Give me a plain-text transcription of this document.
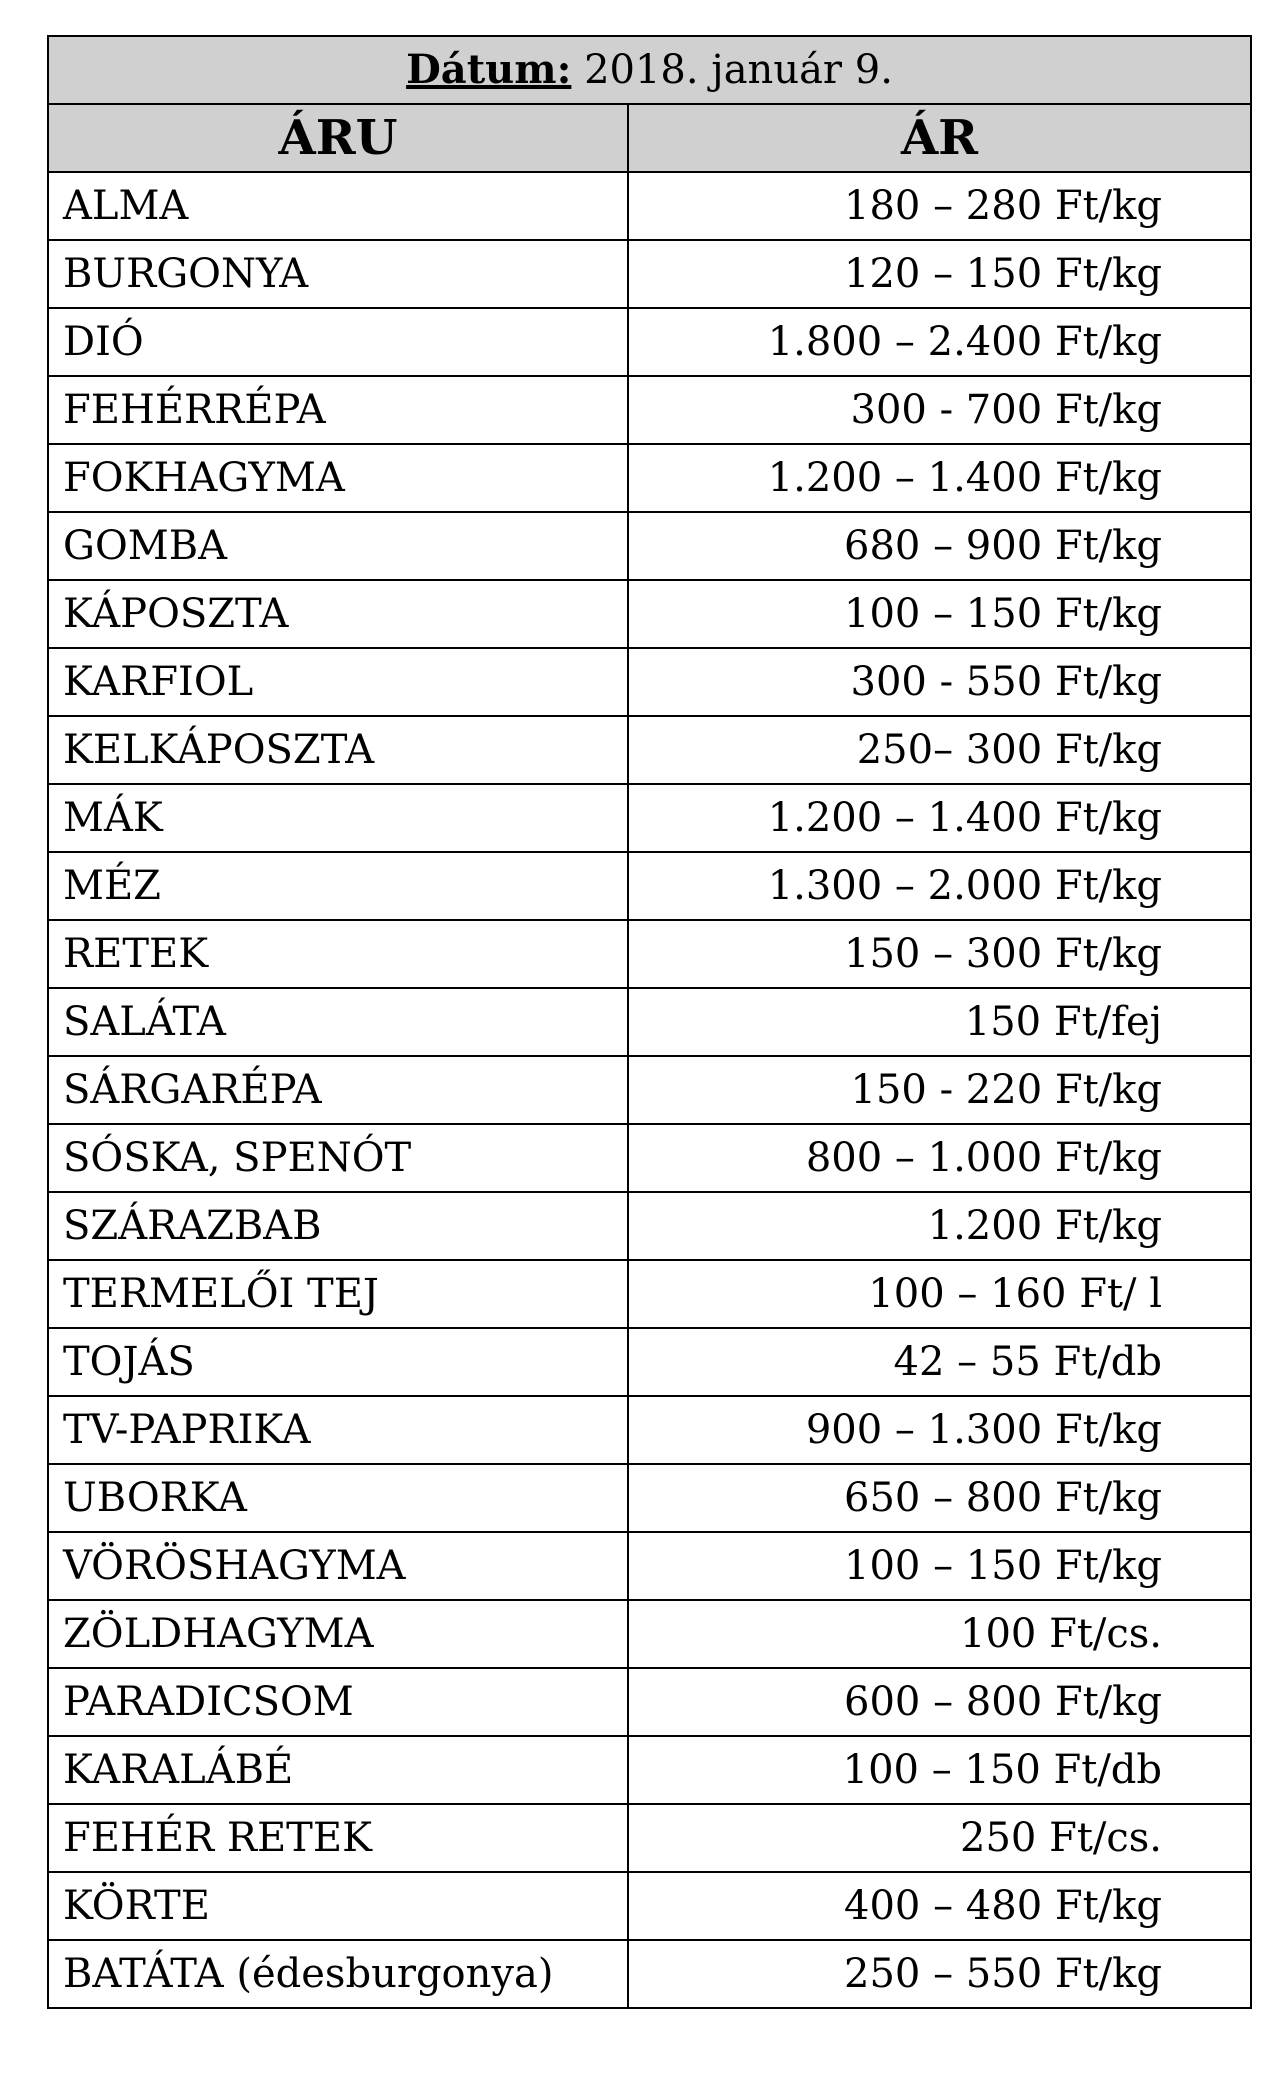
Dátum: 2018. január 9.	
ÁRU	ÁR
ALMA	180 – 280 Ft/kg
BURGONYA	120 – 150 Ft/kg
DIÓ	1.800 – 2.400 Ft/kg
FEHÉRRÉPA	300 - 700 Ft/kg
FOKHAGYMA	1.200 – 1.400 Ft/kg
GOMBA	680 – 900 Ft/kg
KÁPOSZTA	100 – 150 Ft/kg
KARFIOL	300 - 550 Ft/kg
KELKÁPOSZTA	250– 300 Ft/kg
MÁK	1.200 – 1.400 Ft/kg
MÉZ	1.300 – 2.000 Ft/kg
RETEK	150 – 300 Ft/kg
SALÁTA	150 Ft/fej
SÁRGARÉPA	150 - 220 Ft/kg
SÓSKA, SPENÓT	800 – 1.000 Ft/kg
SZÁRAZBAB	1.200 Ft/kg
TERMELŐI TEJ	100 – 160 Ft/ l
TOJÁS	42 – 55 Ft/db
TV-PAPRIKA	900 – 1.300 Ft/kg
UBORKA	650 – 800 Ft/kg
VÖRÖSHAGYMA	100 – 150 Ft/kg
ZÖLDHAGYMA	100 Ft/cs.
PARADICSOM	600 – 800 Ft/kg
KARALÁBÉ	100 – 150 Ft/db
FEHÉR RETEK	250 Ft/cs.
KÖRTE	400 – 480 Ft/kg
BATÁTA (édesburgonya)	250 – 550 Ft/kg
